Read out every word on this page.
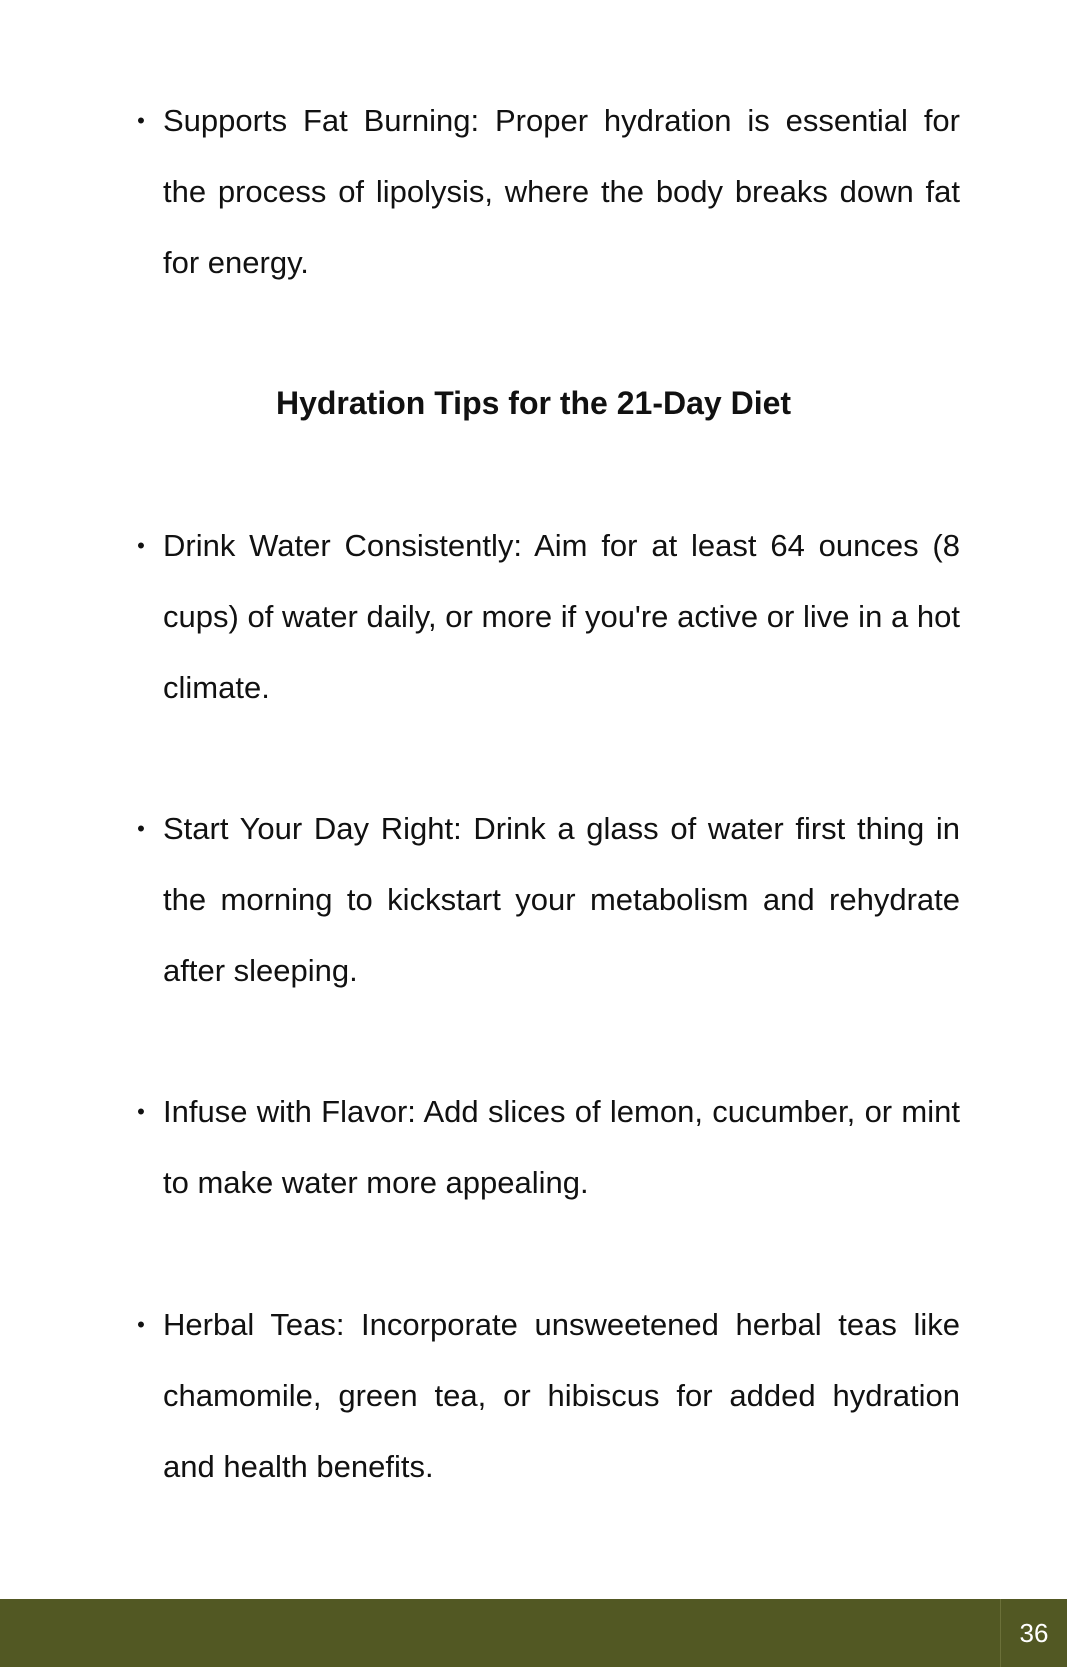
• Supports Fat Burning: Proper hydration is essential for the process of lipolysis, where the body breaks down fat for energy.

Hydration Tips for the 21-Day Diet
• Drink Water Consistently: Aim for at least 64 ounces (8 cups) of water daily, or more if you're active or live in a hot climate.

• Start Your Day Right: Drink a glass of water first thing in the morning to kickstart your metabolism and rehydrate after sleeping.

• Infuse with Flavor: Add slices of lemon, cucumber, or mint to make water more appealing.

• Herbal Teas: Incorporate unsweetened herbal teas like chamomile, green tea, or hibiscus for added hydration and health benefits.

36
